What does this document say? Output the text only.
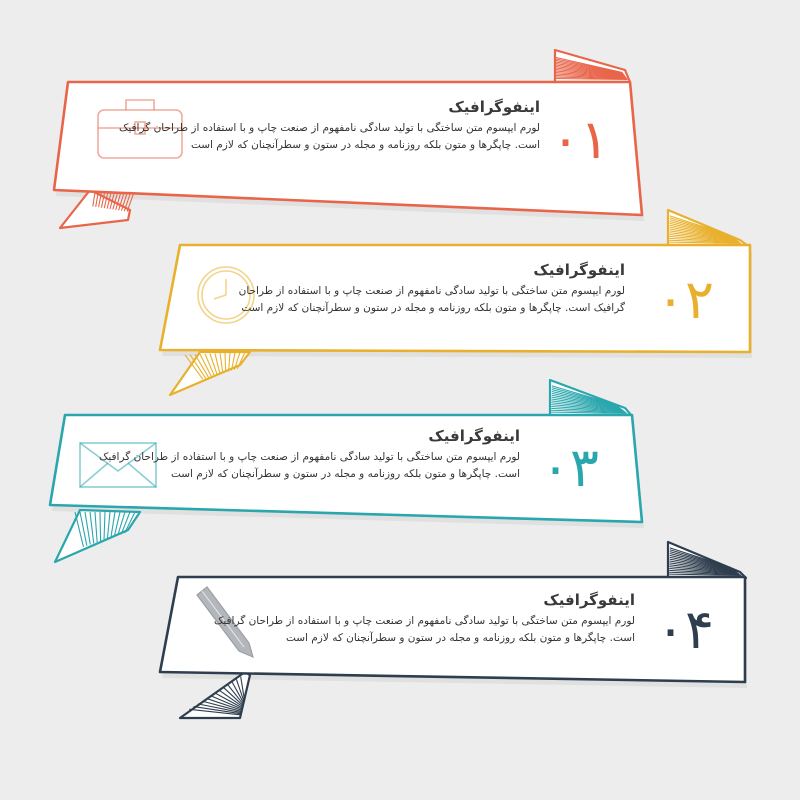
اینفوگرافیک

لورم ایپسوم متن ساختگی با تولید سادگی نامفهوم از صنعت چاپ و با استفاده از طراحان گرافیک است. چاپگرها و متون بلکه روزنامه و مجله در ستون و سطرآنچنان که لازم است ۰۱

اینفوگرافیک

لورم ایپسوم متن ساختگی با تولید سادگی نامفهوم از صنعت چاپ و با استفاده از طراحان گرافیک است. چاپگرها و متون بلکه روزنامه و مجله در ستون و سطرآنچنان که لازم است ۰۲

اینفوگرافیک

لورم ایپسوم متن ساختگی با تولید سادگی نامفهوم از صنعت چاپ و با استفاده از طراحان گرافیک است. چاپگرها و متون بلکه روزنامه و مجله در ستون و سطرآنچنان که لازم است ۰۳

اینفوگرافیک

لورم ایپسوم متن ساختگی با تولید سادگی نامفهوم از صنعت چاپ و با استفاده از طراحان گرافیک است. چاپگرها و متون بلکه روزنامه و مجله در ستون و سطرآنچنان که لازم است ۰۴
